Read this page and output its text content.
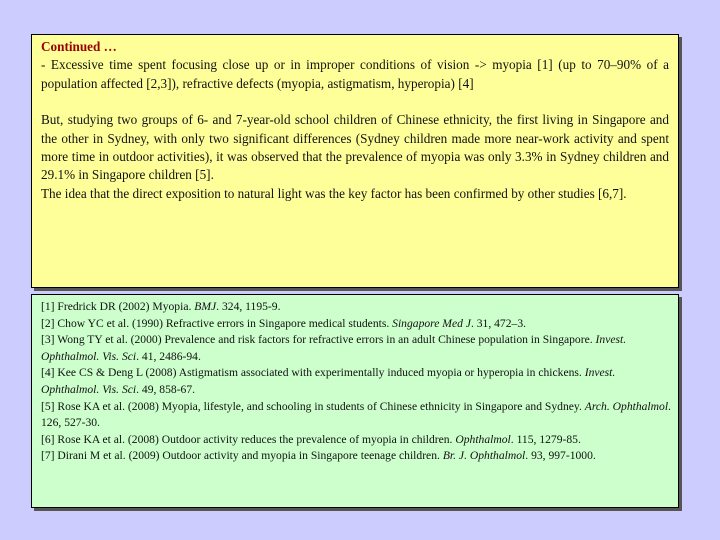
Continued …

- Excessive time spent focusing close up or in improper conditions of vision -> myopia [1] (up to 70–90% of a population affected [2,3]), refractive defects (myopia, astigmatism, hyperopia) [4]

But, studying two groups of 6- and 7-year-old school children of Chinese ethnicity, the first living in Singapore and the other in Sydney, with only two significant differences (Sydney children made more near-work activity and spent more time in outdoor activities), it was observed that the prevalence of myopia was only 3.3% in Sydney children and 29.1% in Singapore children [5].

The idea that the direct exposition to natural light was the key factor has been confirmed by other studies [6,7].

[1] Fredrick DR (2002) Myopia. BMJ. 324, 1195-9.

[2] Chow YC et al. (1990) Refractive errors in Singapore medical students. Singapore Med J. 31, 472–3.

[3] Wong TY et al. (2000) Prevalence and risk factors for refractive errors in an adult Chinese population in Singapore. Invest. Ophthalmol. Vis. Sci. 41, 2486-94.

[4] Kee CS & Deng L (2008) Astigmatism associated with experimentally induced myopia or hyperopia in chickens. Invest. Ophthalmol. Vis. Sci. 49, 858-67.

[5] Rose KA et al. (2008) Myopia, lifestyle, and schooling in students of Chinese ethnicity in Singapore and Sydney. Arch. Ophthalmol. 126, 527-30.

[6] Rose KA et al. (2008) Outdoor activity reduces the prevalence of myopia in children. Ophthalmol. 115, 1279-85.

[7] Dirani M et al. (2009) Outdoor activity and myopia in Singapore teenage children. Br. J. Ophthalmol. 93, 997-1000.
